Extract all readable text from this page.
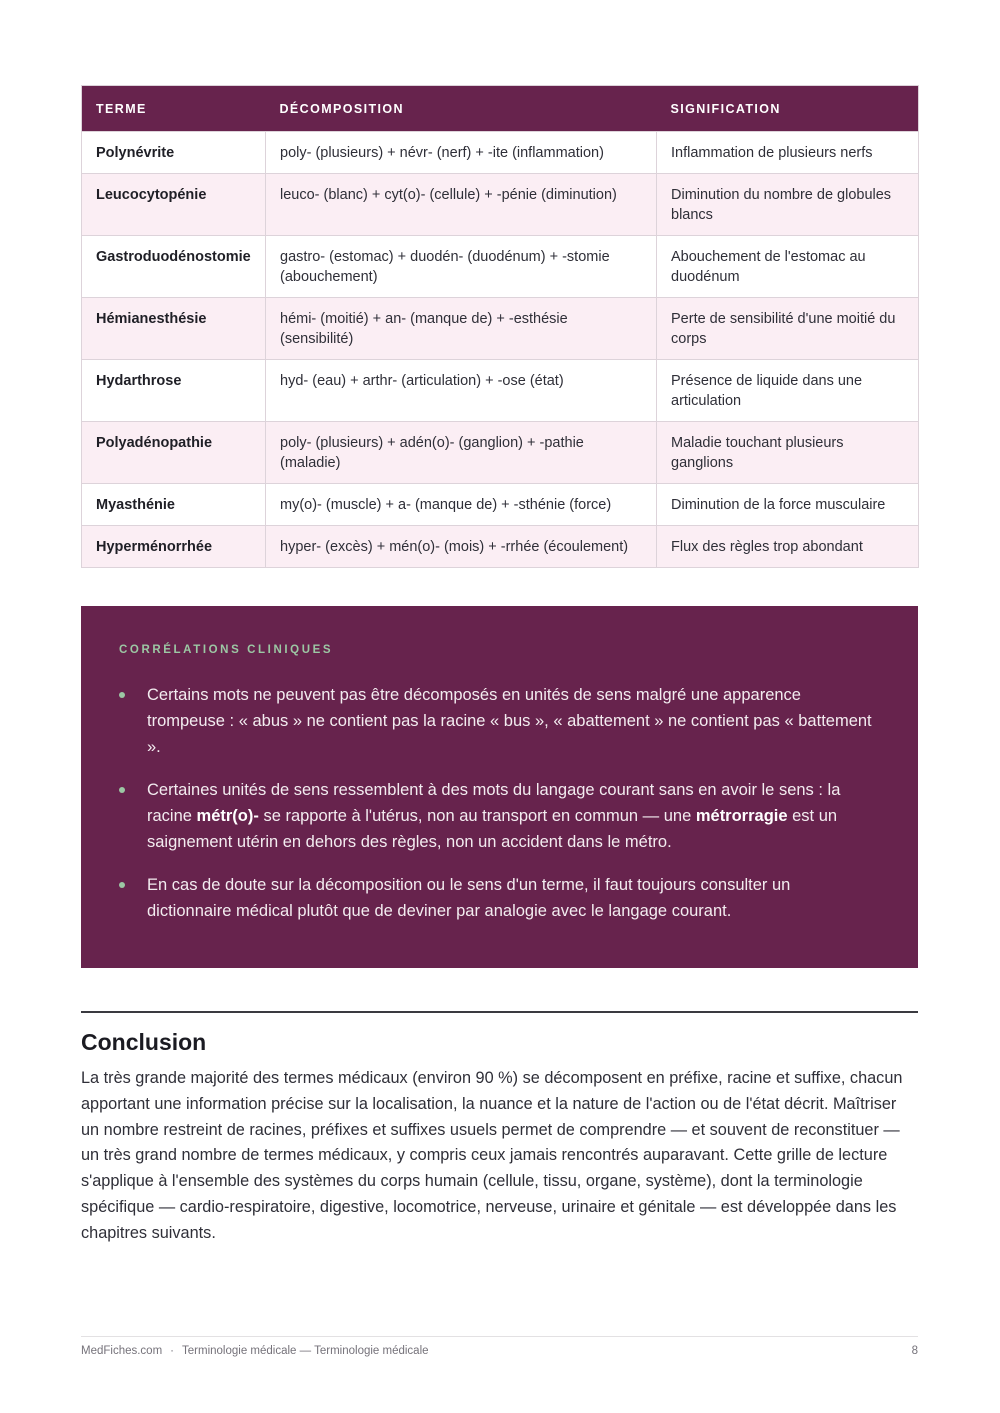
TERME	DÉCOMPOSITION	SIGNIFICATION
Polynévrite	poly- (plusieurs) + névr- (nerf) + -ite (inflammation)	Inflammation de plusieurs nerfs
Leucocytopénie	leuco- (blanc) + cyt(o)- (cellule) + -pénie (diminution)	Diminution du nombre de globules blancs
Gastroduodénostomie	gastro- (estomac) + duodén- (duodénum) + -stomie (abouchement)	Abouchement de l'estomac au duodénum
Hémianesthésie	hémi- (moitié) + an- (manque de) + -esthésie (sensibilité)	Perte de sensibilité d'une moitié du corps
Hydarthrose	hyd- (eau) + arthr- (articulation) + -ose (état)	Présence de liquide dans une articulation
Polyadénopathie	poly- (plusieurs) + adén(o)- (ganglion) + -pathie (maladie)	Maladie touchant plusieurs ganglions
Myasthénie	my(o)- (muscle) + a- (manque de) + -sthénie (force)	Diminution de la force musculaire
Hyperménorrhée	hyper- (excès) + mén(o)- (mois) + -rrhée (écoulement)	Flux des règles trop abondant
CORRÉLATIONS CLINIQUES
Certains mots ne peuvent pas être décomposés en unités de sens malgré une apparence trompeuse : « abus » ne contient pas la racine « bus », « abattement » ne contient pas « battement ».
Certaines unités de sens ressemblent à des mots du langage courant sans en avoir le sens : la racine métr(o)- se rapporte à l'utérus, non au transport en commun — une métrorragie est un saignement utérin en dehors des règles, non un accident dans le métro.
En cas de doute sur la décomposition ou le sens d'un terme, il faut toujours consulter un dictionnaire médical plutôt que de deviner par analogie avec le langage courant.
Conclusion

La très grande majorité des termes médicaux (environ 90 %) se décomposent en préfixe, racine et suffixe, chacun apportant une information précise sur la localisation, la nuance et la nature de l'action ou de l'état décrit. Maîtriser un nombre restreint de racines, préfixes et suffixes usuels permet de comprendre — et souvent de reconstituer — un très grand nombre de termes médicaux, y compris ceux jamais rencontrés auparavant. Cette grille de lecture s'applique à l'ensemble des systèmes du corps humain (cellule, tissu, organe, système), dont la terminologie spécifique — cardio-respiratoire, digestive, locomotrice, nerveuse, urinaire et génitale — est développée dans les chapitres suivants.

MedFiches.com · Terminologie médicale — Terminologie médicale	8
